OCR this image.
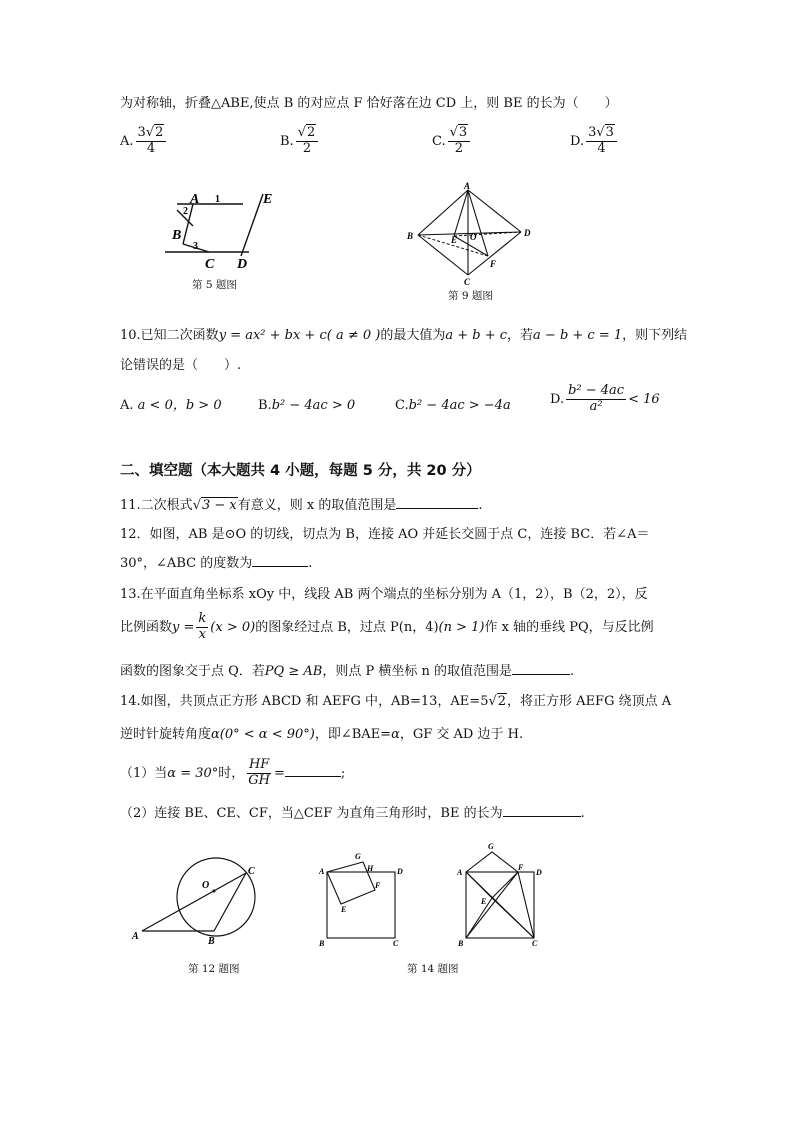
为对称轴，折叠△ABE,使点 B 的对应点 F 恰好落在边 CD 上，则 BE 的长为（　　）
A. $\frac{3√2}{4}$	B. $\frac{√2}{2}$	C. $\frac{√3}{2}$	D. $\frac{3√3}{4}$
A 1	E
2
B
3
C D
第 5 题图
A
B	E O	D
F
C
第 9 题图
10.已知二次函数y = ax² + bx + c( a ≠ 0 )的最大值为a + b + c，若a − b + c = 1，则下列结
论错误的是（　　）.
A. a < 0，b > 0	B.b² − 4ac > 0	C.b² − 4ac > −4a	D. $\frac{\text{b² − 4ac}}{\text{a²}} < 16$
二、填空题（本大题共 4 小题，每题 5 分，共 20 分）
11.二次根式√3 − x有意义，则 x 的取值范围是	.
12．如图，AB 是⊙O 的切线，切点为 B，连接 AO 并延长交圆于点 C，连接 BC．若∠A＝
30°，∠ABC 的度数为	.
13.在平面直角坐标系 xOy 中，线段 AB 两个端点的坐标分别为 A（1，2），B（2，2），反
比例函数$y = \frac{k}{x} (x > 0)$的图象经过点 B，过点 P(n，4)(n > 1)作 x 轴的垂线 PQ，与反比例
函数的图象交于点 Q．若PQ ≥ AB，则点 P 横坐标 n 的取值范围是	.
14.如图，共顶点正方形 ABCD 和 AEFG 中，AB=13，AE=5√2，将正方形 AEFG 绕顶点 A
逆时针旋转角度α(0° < α < 90°)，即∠BAE=α，GF 交 AD 边于 H.
（1）当α = 30°时， $\frac{HF}{GH}$ =	;
（2）连接 BE、CE、CF，当△CEF 为直角三角形时，BE 的长为	.
O
C
A	B
第 12 题图
A
G
H	D
F
E
B	C
G
A
F
D
E
B	C
第 14 题图
